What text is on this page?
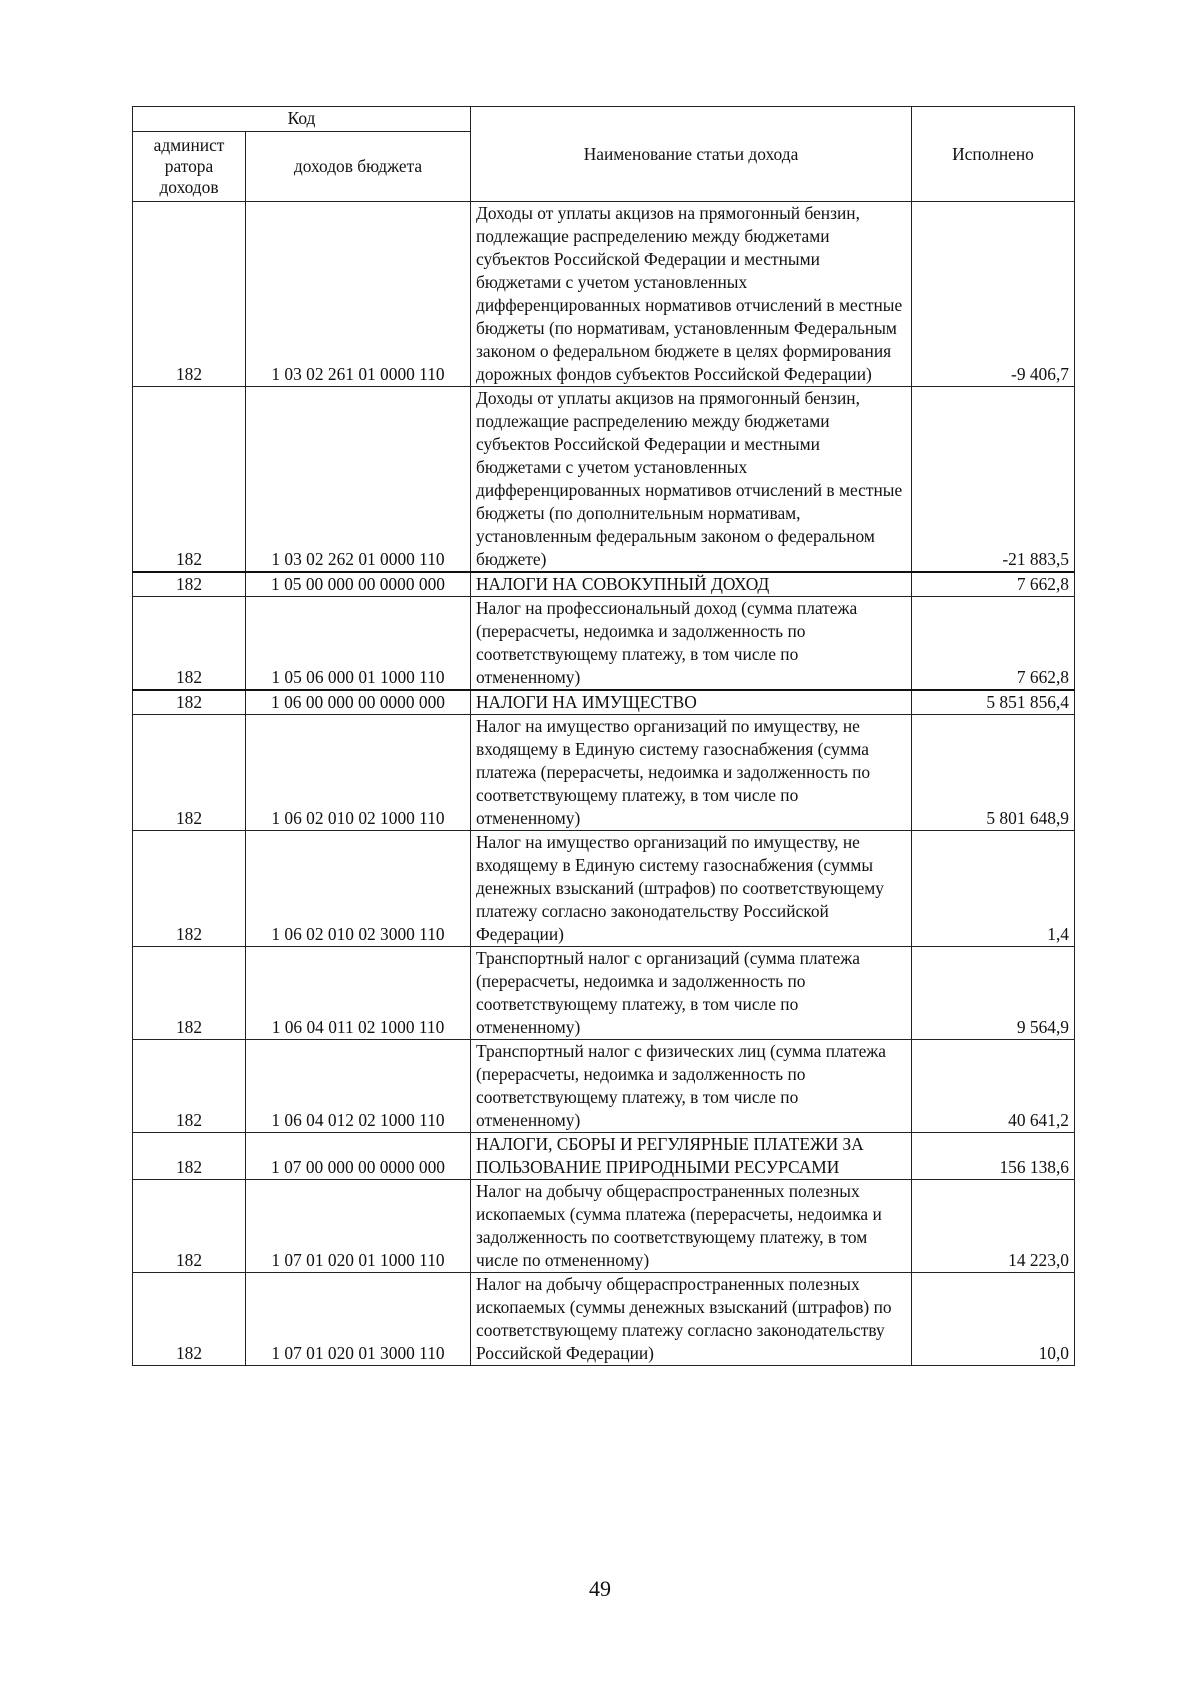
Код		Наименование статьи дохода	Исполнено
админист ратора доходов	доходов бюджета		
182	1 03 02 261 01 0000 110	Доходы от уплаты акцизов на прямогонный бензин, подлежащие распределению между бюджетами субъектов Российской Федерации и местными бюджетами с учетом установленных дифференцированных нормативов отчислений в местные бюджеты (по нормативам, установленным Федеральным законом о федеральном бюджете в целях формирования дорожных фондов субъектов Российской Федерации)	-9 406,7
182	1 03 02 262 01 0000 110	Доходы от уплаты акцизов на прямогонный бензин, подлежащие распределению между бюджетами субъектов Российской Федерации и местными бюджетами с учетом установленных дифференцированных нормативов отчислений в местные бюджеты (по дополнительным нормативам, установленным федеральным законом о федеральном бюджете)	-21 883,5
182	1 05 00 000 00 0000 000	НАЛОГИ НА СОВОКУПНЫЙ ДОХОД	7 662,8
182	1 05 06 000 01 1000 110	Налог на профессиональный доход (сумма платежа (перерасчеты, недоимка и задолженность по соответствующему платежу, в том числе по отмененному)	7 662,8
182	1 06 00 000 00 0000 000	НАЛОГИ НА ИМУЩЕСТВО	5 851 856,4
182	1 06 02 010 02 1000 110	Налог на имущество организаций по имуществу, не входящему в Единую систему газоснабжения (сумма платежа (перерасчеты, недоимка и задолженность по соответствующему платежу, в том числе по отмененному)	5 801 648,9
182	1 06 02 010 02 3000 110	Налог на имущество организаций по имуществу, не входящему в Единую систему газоснабжения (суммы денежных взысканий (штрафов) по соответствующему платежу согласно законодательству Российской Федерации)	1,4
182	1 06 04 011 02 1000 110	Транспортный налог с организаций (сумма платежа (перерасчеты, недоимка и задолженность по соответствующему платежу, в том числе по отмененному)	9 564,9
182	1 06 04 012 02 1000 110	Транспортный налог с физических лиц (сумма платежа (перерасчеты, недоимка и задолженность по соответствующему платежу, в том числе по отмененному)	40 641,2
182	1 07 00 000 00 0000 000	НАЛОГИ, СБОРЫ И РЕГУЛЯРНЫЕ ПЛАТЕЖИ ЗА ПОЛЬЗОВАНИЕ ПРИРОДНЫМИ РЕСУРСАМИ	156 138,6
182	1 07 01 020 01 1000 110	Налог на добычу общераспространенных полезных ископаемых (сумма платежа (перерасчеты, недоимка и задолженность по соответствующему платежу, в том числе по отмененному)	14 223,0
182	1 07 01 020 01 3000 110	Налог на добычу общераспространенных полезных ископаемых (суммы денежных взысканий (штрафов) по соответствующему платежу согласно законодательству Российской Федерации)	10,0
49
